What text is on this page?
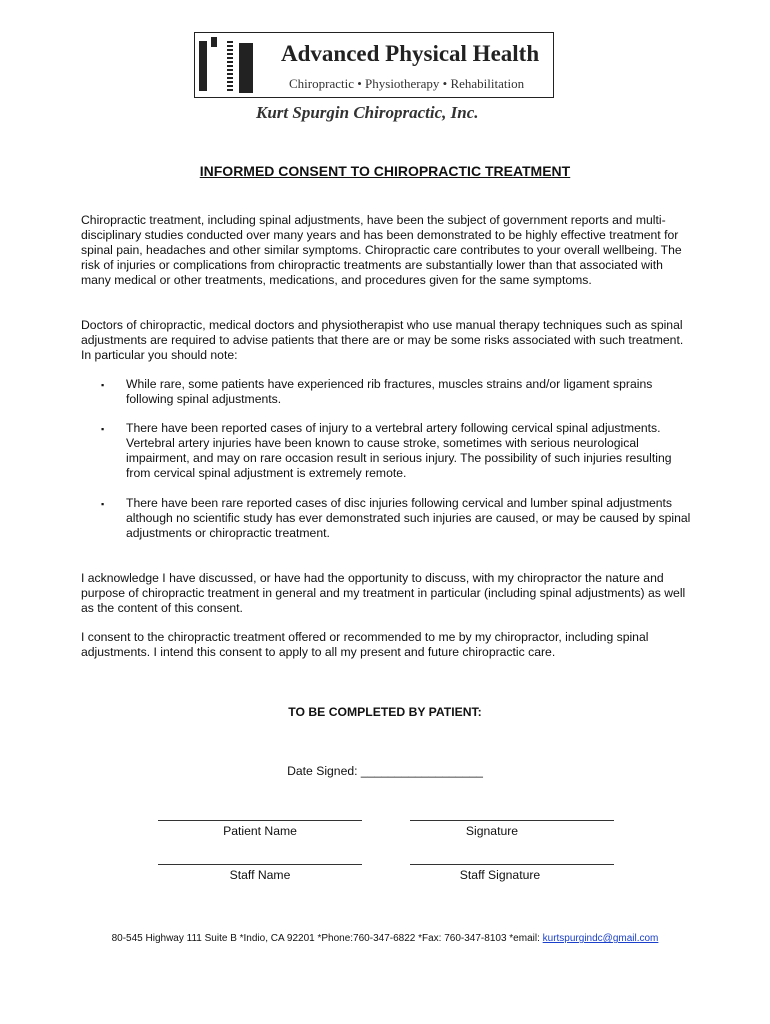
Advanced Physical Health
Chiropractic • Physiotherapy • Rehabilitation
Kurt Spurgin Chiropractic, Inc.
INFORMED CONSENT TO CHIROPRACTIC TREATMENT

Chiropractic treatment, including spinal adjustments, have been the subject of government reports and multi-disciplinary studies conducted over many years and has been demonstrated to be highly effective treatment for spinal pain, headaches and other similar symptoms. Chiropractic care contributes to your overall wellbeing. The risk of injuries or complications from chiropractic treatments are substantially lower than that associated with many medical or other treatments, medications, and procedures given for the same symptoms.

Doctors of chiropractic, medical doctors and physiotherapist who use manual therapy techniques such as spinal adjustments are required to advise patients that there are or may be some risks associated with such treatment. In particular you should note:

▪ While rare, some patients have experienced rib fractures, muscles strains and/or ligament sprains following spinal adjustments.

▪ There have been reported cases of injury to a vertebral artery following cervical spinal adjustments. Vertebral artery injuries have been known to cause stroke, sometimes with serious neurological impairment, and may on rare occasion result in serious injury. The possibility of such injuries resulting from cervical spinal adjustment is extremely remote.

▪ There have been rare reported cases of disc injuries following cervical and lumber spinal adjustments although no scientific study has ever demonstrated such injuries are caused, or may be caused by spinal adjustments or chiropractic treatment.

I acknowledge I have discussed, or have had the opportunity to discuss, with my chiropractor the nature and purpose of chiropractic treatment in general and my treatment in particular (including spinal adjustments) as well as the content of this consent.

I consent to the chiropractic treatment offered or recommended to me by my chiropractor, including spinal adjustments. I intend this consent to apply to all my present and future chiropractic care.

TO BE COMPLETED BY PATIENT:
Date Signed: __________________
Patient Name	Signature
Staff Name	Staff Signature
80-545 Highway 111 Suite B *Indio, CA 92201 *Phone:760-347-6822 *Fax: 760-347-8103 *email: kurtspurgindc@gmail.com
